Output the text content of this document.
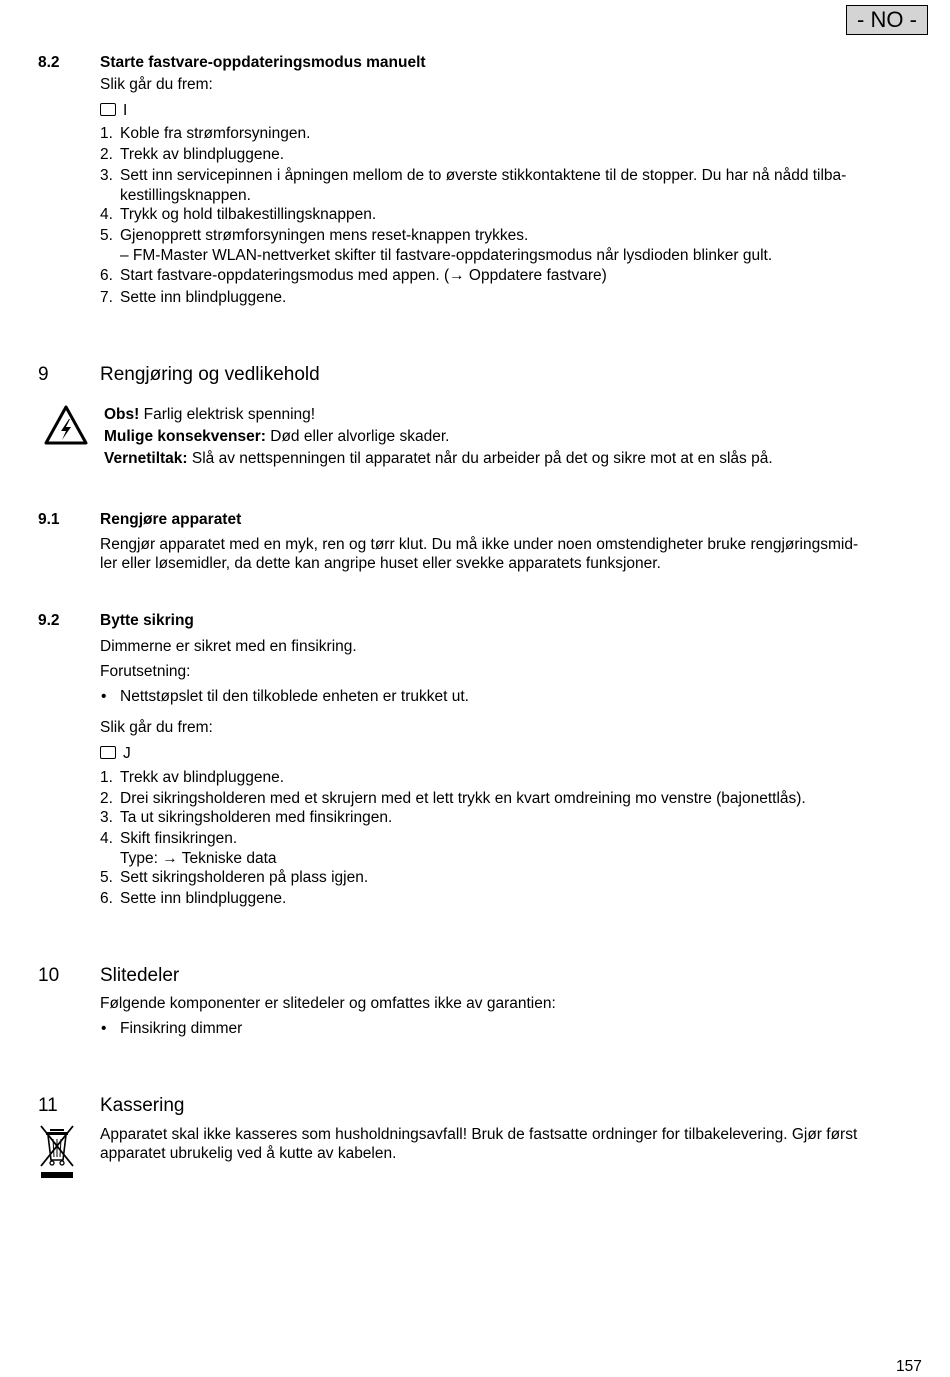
- NO -
8.2	Starte fastvare-oppdateringsmodus manuelt
Slik går du frem:
I
1. Koble fra strømforsyningen.
2. Trekk av blindpluggene.
3. Sett inn servicepinnen i åpningen mellom de to øverste stikkontaktene til de stopper. Du har nå nådd tilba-
kestillingsknappen.
4. Trykk og hold tilbakestillingsknappen.
5. Gjenopprett strømforsyningen mens reset-knappen trykkes.
– FM-Master WLAN-nettverket skifter til fastvare-oppdateringsmodus når lysdioden blinker gult.
6. Start fastvare-oppdateringsmodus med appen. (→ Oppdatere fastvare)
7. Sette inn blindpluggene.
9	Rengjøring og vedlikehold
Obs! Farlig elektrisk spenning!
Mulige konsekvenser: Død eller alvorlige skader.
Vernetiltak: Slå av nettspenningen til apparatet når du arbeider på det og sikre mot at en slås på.
9.1	Rengjøre apparatet
Rengjør apparatet med en myk, ren og tørr klut. Du må ikke under noen omstendigheter bruke rengjøringsmid-
ler eller løsemidler, da dette kan angripe huset eller svekke apparatets funksjoner.
9.2	Bytte sikring
Dimmerne er sikret med en finsikring.
Forutsetning:
• Nettstøpslet til den tilkoblede enheten er trukket ut.
Slik går du frem:
J
1. Trekk av blindpluggene.
2. Drei sikringsholderen med et skrujern med et lett trykk en kvart omdreining mo venstre (bajonettlås).
3. Ta ut sikringsholderen med finsikringen.
4. Skift finsikringen.
Type: → Tekniske data
5. Sett sikringsholderen på plass igjen.
6. Sette inn blindpluggene.
10 Slitedeler
Følgende komponenter er slitedeler og omfattes ikke av garantien:
• Finsikring dimmer
11 Kassering
Apparatet skal ikke kasseres som husholdningsavfall! Bruk de fastsatte ordninger for tilbakelevering. Gjør først
apparatet ubrukelig ved å kutte av kabelen.
157
